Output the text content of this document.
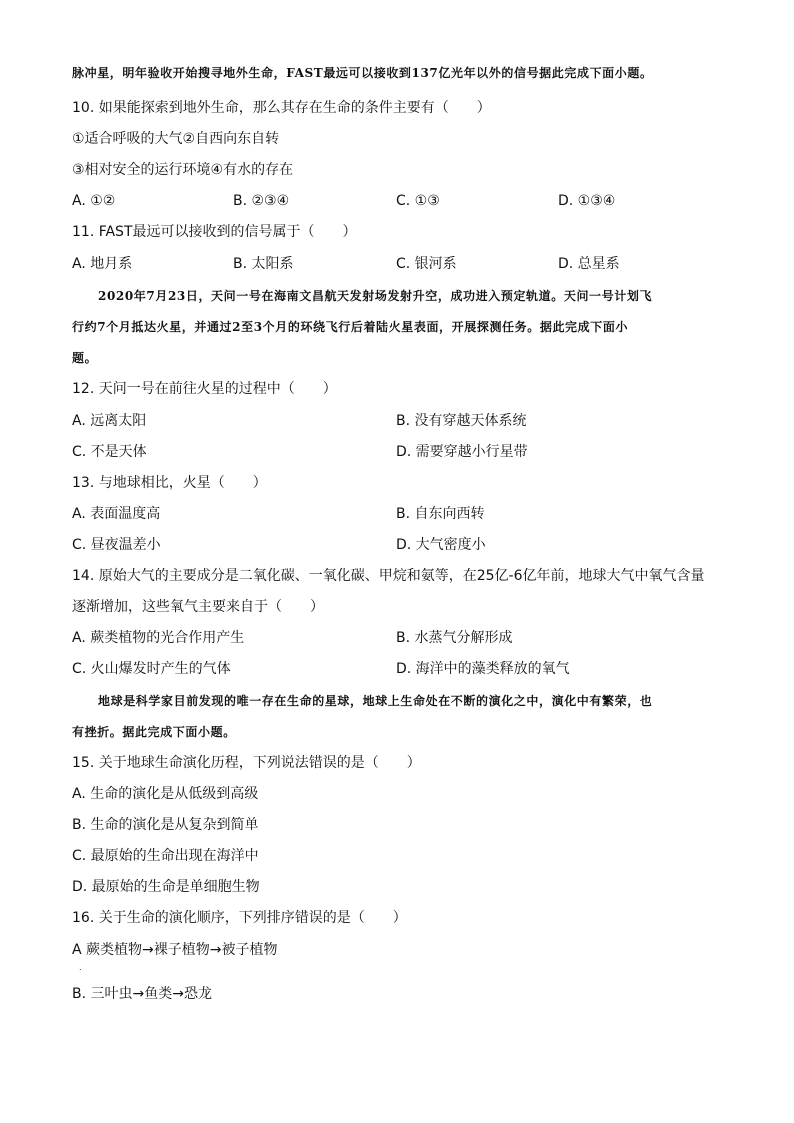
脉冲星，明年验收开始搜寻地外生命，FAST最远可以接收到137亿光年以外的信号据此完成下面小题。
10. 如果能探索到地外生命，那么其存在生命的条件主要有（　　）
①适合呼吸的大气②自西向东自转
③相对安全的运行环境④有水的存在
A. ①②	B. ②③④	C. ①③	D. ①③④
11. FAST最远可以接收到的信号属于（　　）
A. 地月系	B. 太阳系	C. 银河系	D. 总星系
2020年7月23日，天问一号在海南文昌航天发射场发射升空，成功进入预定轨道。天问一号计划飞
行约7个月抵达火星，并通过2至3个月的环绕飞行后着陆火星表面，开展探测任务。据此完成下面小
题。
12. 天问一号在前往火星的过程中（　　）
A. 远离太阳	B. 没有穿越天体系统
C. 不是天体	D. 需要穿越小行星带
13. 与地球相比，火星（　　）
A. 表面温度高	B. 自东向西转
C. 昼夜温差小	D. 大气密度小
14. 原始大气的主要成分是二氧化碳、一氧化碳、甲烷和氨等，在25亿-6亿年前，地球大气中氧气含量
逐渐增加，这些氧气主要来自于（　　）
A. 蕨类植物的光合作用产生	B. 水蒸气分解形成
C. 火山爆发时产生的气体	D. 海洋中的藻类释放的氧气
地球是科学家目前发现的唯一存在生命的星球，地球上生命处在不断的演化之中，演化中有繁荣，也
有挫折。据此完成下面小题。
15. 关于地球生命演化历程，下列说法错误的是（　　）
A. 生命的演化是从低级到高级
B. 生命的演化是从复杂到简单
C. 最原始的生命出现在海洋中
D. 最原始的生命是单细胞生物
16. 关于生命的演化顺序，下列排序错误的是（　　）
A 蕨类植物→裸子植物→被子植物
.
B. 三叶虫→鱼类→恐龙
